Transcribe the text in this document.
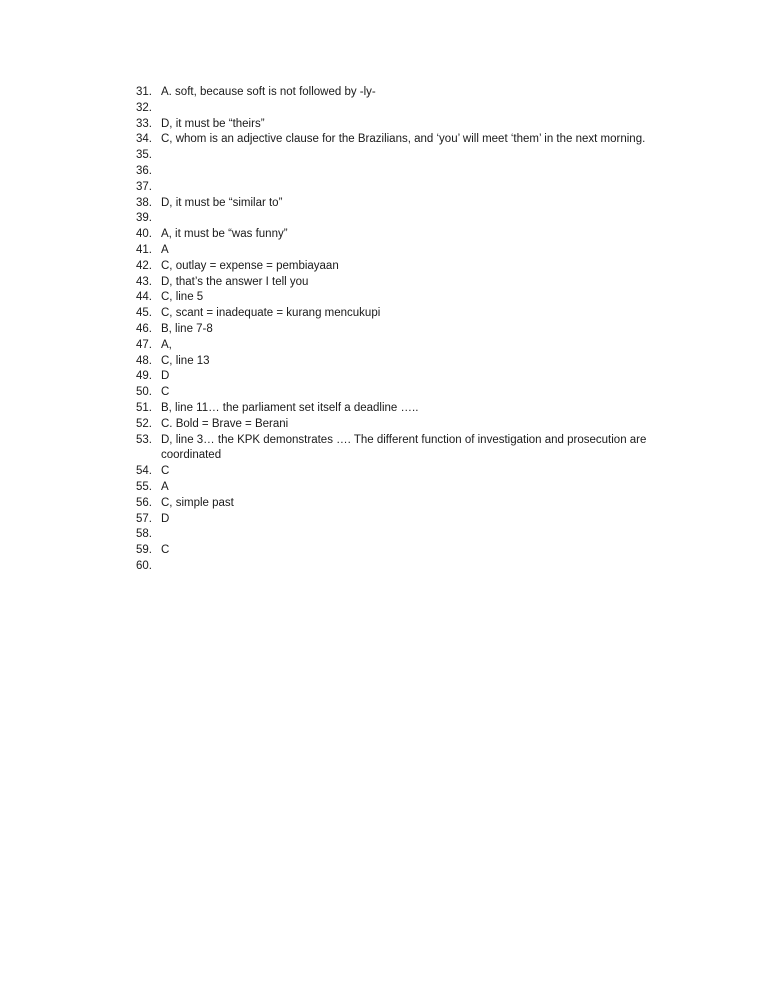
31. A. soft, because soft is not followed by -ly-
32.
33. D, it must be “theirs”
34. C, whom is an adjective clause for the Brazilians, and ‘you’ will meet ‘them’ in the next morning.
35.
36.
37.
38. D, it must be “similar to”
39.
40. A, it must be “was funny”
41. A
42. C, outlay = expense = pembiayaan
43. D, that’s the answer I tell you
44. C, line 5
45. C, scant = inadequate = kurang mencukupi
46. B, line 7-8
47. A,
48. C, line 13
49. D
50. C
51. B, line 11… the parliament set itself a deadline …..
52. C. Bold = Brave = Berani
53. D, line 3… the KPK demonstrates …. The different function of investigation and prosecution are coordinated
54. C
55. A
56. C, simple past
57. D
58.
59. C
60.
